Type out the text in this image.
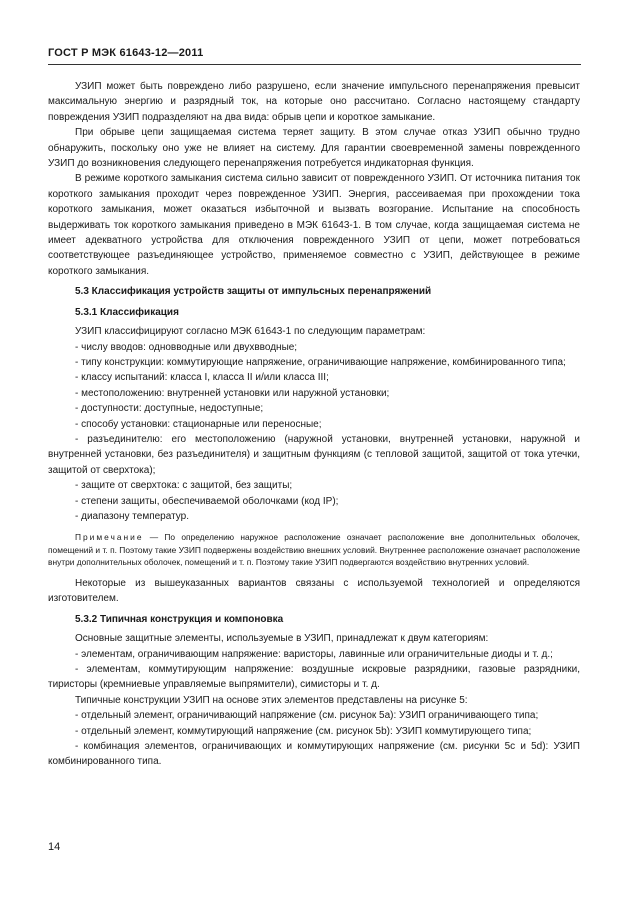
ГОСТ Р МЭК 61643-12—2011

УЗИП может быть повреждено либо разрушено, если значение импульсного перенапряжения превысит максимальную энергию и разрядный ток, на которые оно рассчитано. Согласно настоящему стандарту повреждения УЗИП подразделяют на два вида: обрыв цепи и короткое замыкание.

При обрыве цепи защищаемая система теряет защиту. В этом случае отказ УЗИП обычно трудно обнаружить, поскольку оно уже не влияет на систему. Для гарантии своевременной замены поврежденного УЗИП до возникновения следующего перенапряжения потребуется индикаторная функция.

В режиме короткого замыкания система сильно зависит от поврежденного УЗИП. От источника питания ток короткого замыкания проходит через поврежденное УЗИП. Энергия, рассеиваемая при прохождении тока короткого замыкания, может оказаться избыточной и вызвать возгорание. Испытание на способность выдерживать ток короткого замыкания приведено в МЭК 61643-1. В том случае, когда защищаемая система не имеет адекватного устройства для отключения поврежденного УЗИП от цепи, может потребоваться соответствующее разъединяющее устройство, применяемое совместно с УЗИП, действующее в режиме короткого замыкания.

5.3 Классификация устройств защиты от импульсных перенапряжений
5.3.1 Классификация

УЗИП классифицируют согласно МЭК 61643-1 по следующим параметрам:

- числу вводов: одновводные или двухвводные;

- типу конструкции: коммутирующие напряжение, ограничивающие напряжение, комбинированного типа;

- классу испытаний: класса I, класса II и/или класса III;

- местоположению: внутренней установки или наружной установки;

- доступности: доступные, недоступные;

- способу установки: стационарные или переносные;

- разъединителю: его местоположению (наружной установки, внутренней установки, наружной и внутренней установки, без разъединителя) и защитным функциям (с тепловой защитой, защитой от тока утечки, защитой от сверхтока);

- защите от сверхтока: с защитой, без защиты;

- степени защиты, обеспечиваемой оболочками (код IP);

- диапазону температур.

Примечание — По определению наружное расположение означает расположение вне дополнительных оболочек, помещений и т. п. Поэтому такие УЗИП подвержены воздействию внешних условий. Внутреннее расположение означает расположение внутри дополнительных оболочек, помещений и т. п. Поэтому такие УЗИП подвергаются воздействию внутренних условий.

Некоторые из вышеуказанных вариантов связаны с используемой технологией и определяются изготовителем.

5.3.2 Типичная конструкция и компоновка

Основные защитные элементы, используемые в УЗИП, принадлежат к двум категориям:

- элементам, ограничивающим напряжение: варисторы, лавинные или ограничительные диоды и т. д.;

- элементам, коммутирующим напряжение: воздушные искровые разрядники, газовые разрядники, тиристоры (кремниевые управляемые выпрямители), симисторы и т. д.

Типичные конструкции УЗИП на основе этих элементов представлены на рисунке 5:

- отдельный элемент, ограничивающий напряжение (см. рисунок 5a): УЗИП ограничивающего типа;

- отдельный элемент, коммутирующий напряжение (см. рисунок 5b): УЗИП коммутирующего типа;

- комбинация элементов, ограничивающих и коммутирующих напряжение (см. рисунки 5c и 5d): УЗИП комбинированного типа.

14
